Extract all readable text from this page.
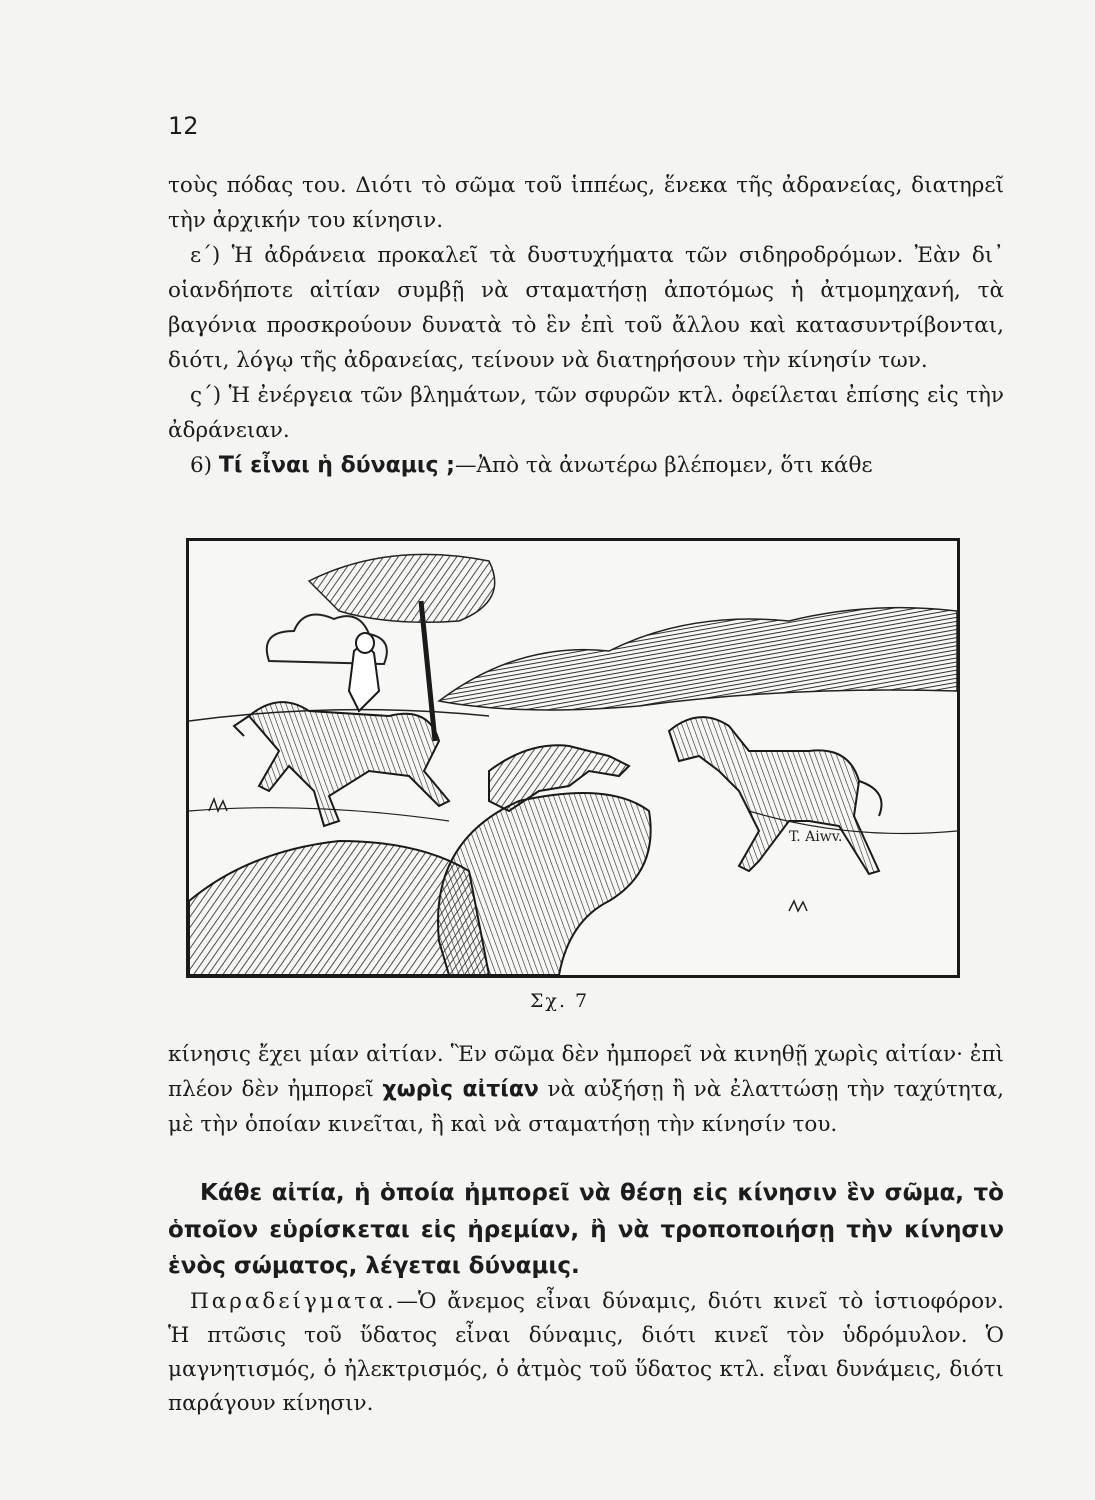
12

τοὺς πόδας του. Διότι τὸ σῶμα τοῦ ἱππέως, ἕνεκα τῆς ἀδρανείας, διατηρεῖ τὴν ἀρχικήν του κίνησιν.

ε΄) Ἡ ἀδράνεια προκαλεῖ τὰ δυστυχήματα τῶν σιδηροδρόμων. Ἐὰν δι᾽ οἱανδήποτε αἰτίαν συμβῇ νὰ σταματήσῃ ἀποτόμως ἡ ἀτμομηχανή, τὰ βαγόνια προσκρούουν δυνατὰ τὸ ἓν ἐπὶ τοῦ ἄλλου καὶ κατασυντρίβονται, διότι, λόγῳ τῆς ἀδρανείας, τείνουν νὰ διατηρήσουν τὴν κίνησίν των.

ς΄) Ἡ ἐνέργεια τῶν βλημάτων, τῶν σφυρῶν κτλ. ὀφείλεται ἐπίσης εἰς τὴν ἀδράνειαν.

6) Τί εἶναι ἡ δύναμις ;—Ἀπὸ τὰ ἀνωτέρω βλέπομεν, ὅτι κάθε

T. Aiwv.
Σχ. 7

κίνησις ἔχει μίαν αἰτίαν. Ἓν σῶμα δὲν ἠμπορεῖ νὰ κινηθῇ χωρὶς αἰτίαν· ἐπὶ πλέον δὲν ἠμπορεῖ χωρὶς αἰτίαν νὰ αὐξήσῃ ἢ νὰ ἐλαττώσῃ τὴν ταχύτητα, μὲ τὴν ὁποίαν κινεῖται, ἢ καὶ νὰ σταματήσῃ τὴν κίνησίν του.

Κάθε αἰτία, ἡ ὁποία ἠμπορεῖ νὰ θέσῃ εἰς κίνησιν ἓν σῶμα, τὸ ὁποῖον εὑρίσκεται εἰς ἠρεμίαν, ἢ νὰ τροποποιήσῃ τὴν κίνησιν ἑνὸς σώματος, λέγεται δύναμις.

Παραδείγματα.—Ὁ ἄνεμος εἶναι δύναμις, διότι κινεῖ τὸ ἱστιοφόρον. Ἡ πτῶσις τοῦ ὕδατος εἶναι δύναμις, διότι κινεῖ τὸν ὑδρόμυλον. Ὁ μαγνητισμός, ὁ ἠλεκτρισμός, ὁ ἀτμὸς τοῦ ὕδατος κτλ. εἶναι δυνάμεις, διότι παράγουν κίνησιν.
